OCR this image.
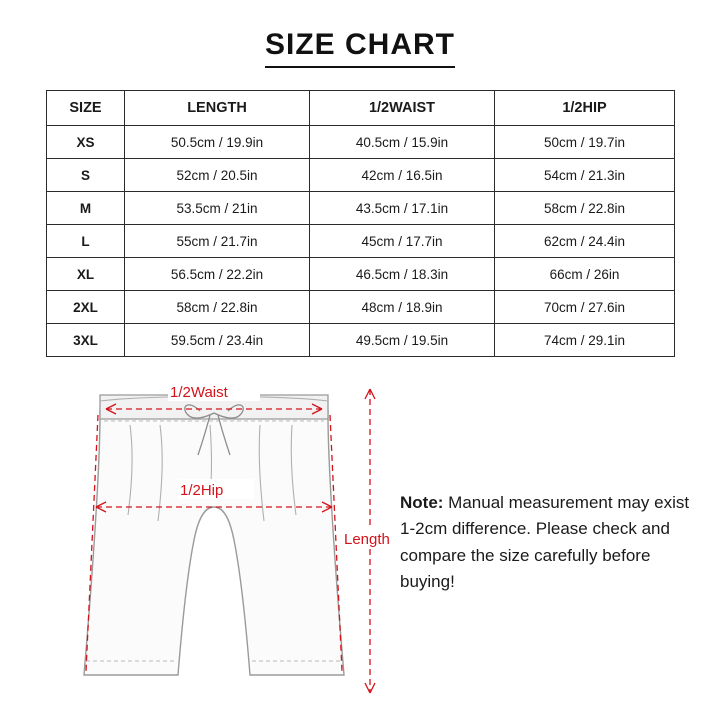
SIZE CHART
SIZE	LENGTH	1/2WAIST	1/2HIP
XS	50.5cm / 19.9in	40.5cm / 15.9in	50cm / 19.7in
S	52cm / 20.5in	42cm / 16.5in	54cm / 21.3in
M	53.5cm / 21in	43.5cm / 17.1in	58cm / 22.8in
L	55cm / 21.7in	45cm / 17.7in	62cm / 24.4in
XL	56.5cm / 22.2in	46.5cm / 18.3in	66cm / 26in
2XL	58cm / 22.8in	48cm / 18.9in	70cm / 27.6in
3XL	59.5cm / 23.4in	49.5cm / 19.5in	74cm / 29.1in
1/2Waist
1/2Hip
Length
Note: Manual measurement may exist 1-2cm difference. Please check and compare the size carefully before buying!
